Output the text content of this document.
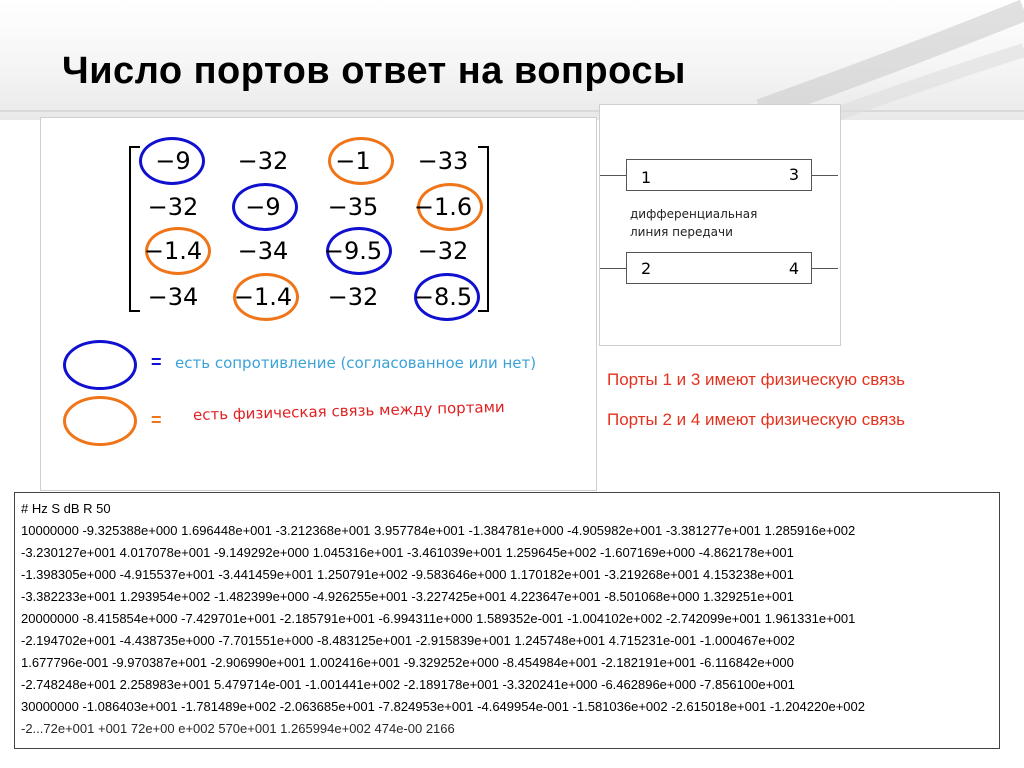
Число портов ответ на вопросы
−9	−32	−1	−33
−32	−9	−35	−1.6
−1.4	−34	−9.5	−32
−34	−1.4	−32	−8.5
= есть сопротивление (согласованное или нет)
= есть физическая связь между портами
1	3
дифференциальная
линия передачи
2	4
Порты 1 и 3 имеют физическую связь
Порты 2 и 4 имеют физическую связь
# Hz S dB R 50
10000000 -9.325388e+000 1.696448e+001 -3.212368e+001 3.957784e+001 -1.384781e+000 -4.905982e+001 -3.381277e+001 1.285916e+002
-3.230127e+001 4.017078e+001 -9.149292e+000 1.045316e+001 -3.461039e+001 1.259645e+002 -1.607169e+000 -4.862178e+001
-1.398305e+000 -4.915537e+001 -3.441459e+001 1.250791e+002 -9.583646e+000 1.170182e+001 -3.219268e+001 4.153238e+001
-3.382233e+001 1.293954e+002 -1.482399e+000 -4.926255e+001 -3.227425e+001 4.223647e+001 -8.501068e+000 1.329251e+001
20000000 -8.415854e+000 -7.429701e+001 -2.185791e+001 -6.994311e+000 1.589352e-001 -1.004102e+002 -2.742099e+001 1.961331e+001
-2.194702e+001 -4.438735e+000 -7.701551e+000 -8.483125e+001 -2.915839e+001 1.245748e+001 4.715231e-001 -1.000467e+002
1.677796e-001 -9.970387e+001 -2.906990e+001 1.002416e+001 -9.329252e+000 -8.454984e+001 -2.182191e+001 -6.116842e+000
-2.748248e+001 2.258983e+001 5.479714e-001 -1.001441e+002 -2.189178e+001 -3.320241e+000 -6.462896e+000 -7.856100e+001
30000000 -1.086403e+001 -1.781489e+002 -2.063685e+001 -7.824953e+001 -4.649954e-001 -1.581036e+002 -2.615018e+001 -1.204220e+002
-2...72e+001 +001 72e+00 e+002 570e+001 1.265994e+002 474e-00 2166
